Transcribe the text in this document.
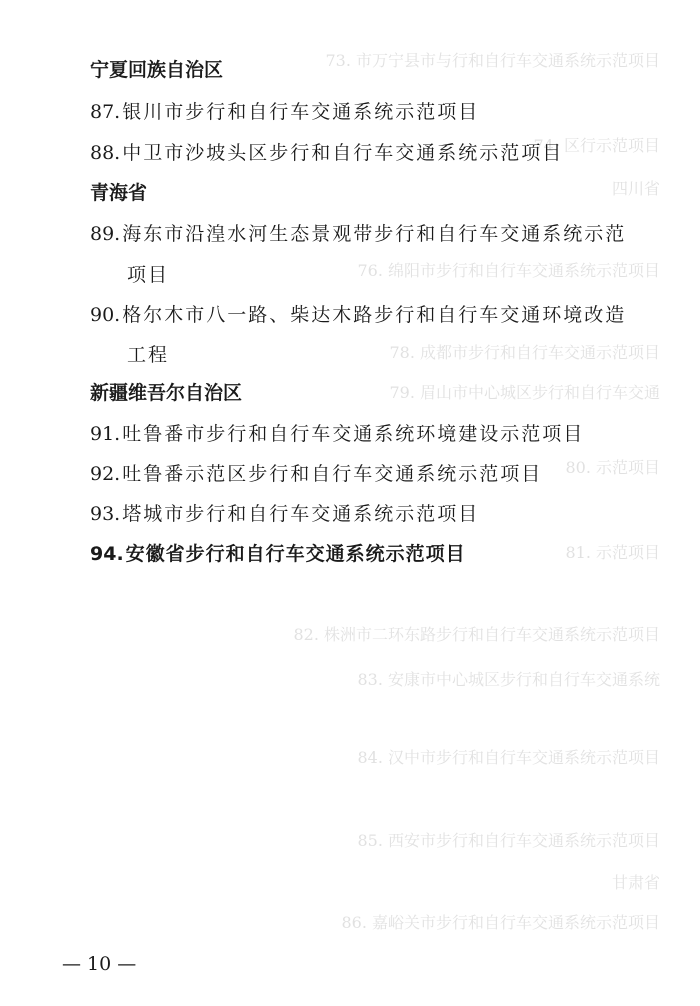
73. 市万宁县市与行和自行车交通系统示范项目
74. 区行示范项目
四川省
76. 绵阳市步行和自行车交通系统示范项目
78. 成都市步行和自行车交通示范项目
79. 眉山市中心城区步行和自行车交通
80. 示范项目
81. 示范项目
82. 株洲市二环东路步行和自行车交通系统示范项目
83. 安康市中心城区步行和自行车交通系统
84. 汉中市步行和自行车交通系统示范项目
85. 西安市步行和自行车交通系统示范项目
甘肃省
86. 嘉峪关市步行和自行车交通系统示范项目
宁夏回族自治区
87. 银川市步行和自行车交通系统示范项目
88. 中卫市沙坡头区步行和自行车交通系统示范项目
青海省
89. 海东市沿湟水河生态景观带步行和自行车交通系统示范
项目
90. 格尔木市八一路、柴达木路步行和自行车交通环境改造
工程
新疆维吾尔自治区
91. 吐鲁番市步行和自行车交通系统环境建设示范项目
92. 吐鲁番示范区步行和自行车交通系统示范项目
93. 塔城市步行和自行车交通系统示范项目
94. 安徽省步行和自行车交通系统示范项目
— 10 —
